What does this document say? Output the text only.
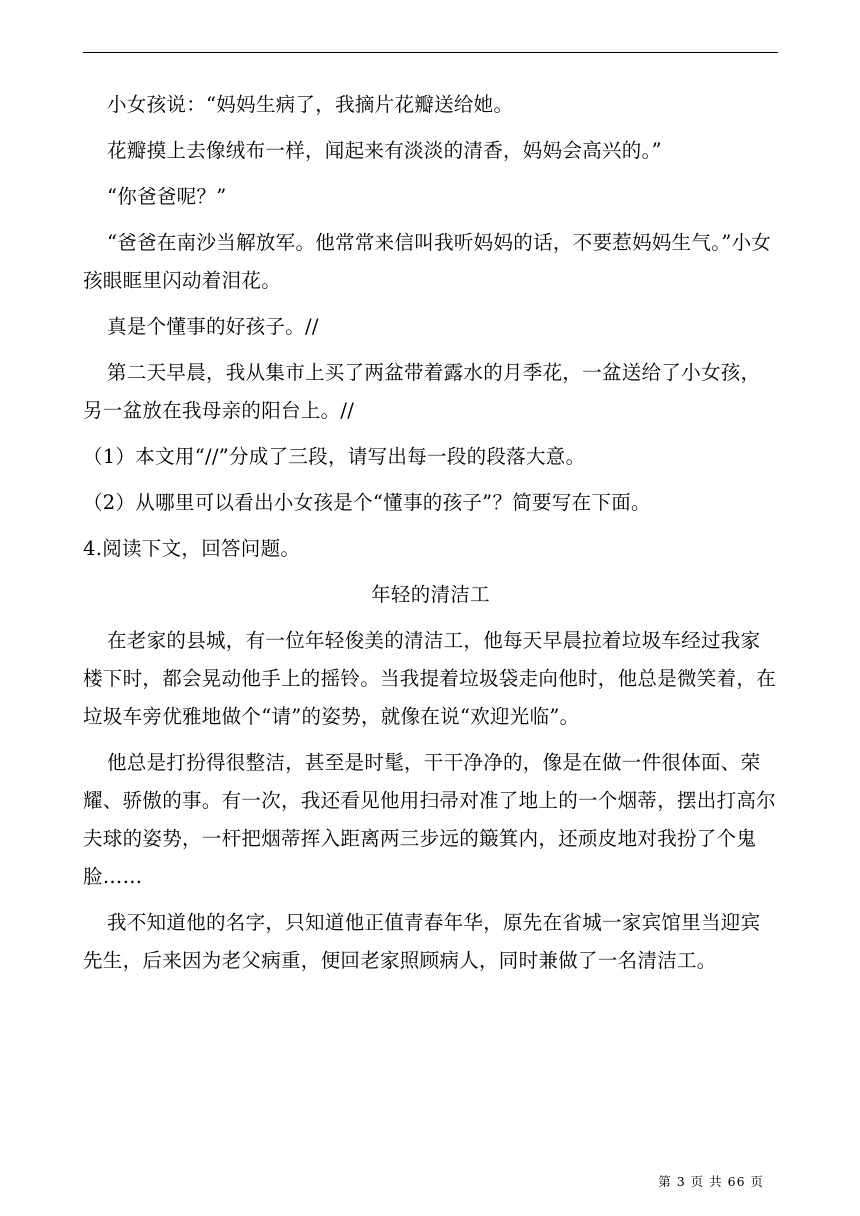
小女孩说：“妈妈生病了，我摘片花瓣送给她。

花瓣摸上去像绒布一样，闻起来有淡淡的清香，妈妈会高兴的。”

“你爸爸呢？”

“爸爸在南沙当解放军。他常常来信叫我听妈妈的话，不要惹妈妈生气。”小女孩眼眶里闪动着泪花。

真是个懂事的好孩子。//

第二天早晨，我从集市上买了两盆带着露水的月季花，一盆送给了小女孩，另一盆放在我母亲的阳台上。//

（1）本文用“//”分成了三段，请写出每一段的段落大意。

（2）从哪里可以看出小女孩是个“懂事的孩子”？简要写在下面。

4.阅读下文，回答问题。

年轻的清洁工

在老家的县城，有一位年轻俊美的清洁工，他每天早晨拉着垃圾车经过我家楼下时，都会晃动他手上的摇铃。当我提着垃圾袋走向他时，他总是微笑着，在垃圾车旁优雅地做个“请”的姿势，就像在说“欢迎光临”。

他总是打扮得很整洁，甚至是时髦，干干净净的，像是在做一件很体面、荣耀、骄傲的事。有一次，我还看见他用扫帚对准了地上的一个烟蒂，摆出打高尔夫球的姿势，一杆把烟蒂挥入距离两三步远的簸箕内，还顽皮地对我扮了个鬼脸……

我不知道他的名字，只知道他正值青春年华，原先在省城一家宾馆里当迎宾先生，后来因为老父病重，便回老家照顾病人，同时兼做了一名清洁工。

第 3 页 共 66 页
